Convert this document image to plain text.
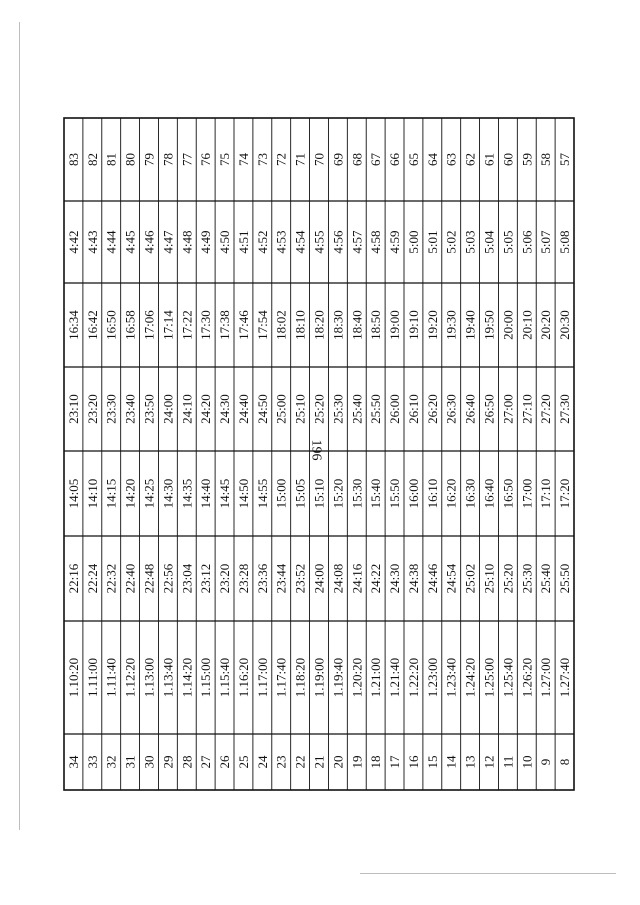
34
1.10:20
22:16
14:05
23:10
16:34
4:42
83
33
1.11:00
22:24
14:10
23:20
16:42
4:43
82
32
1.11:40
22:32
14:15
23:30
16:50
4:44
81
31
1.12:20
22:40
14:20
23:40
16:58
4:45
80
30
1.13:00
22:48
14:25
23:50
17:06
4:46
79
29
1.13:40
22:56
14:30
24:00
17:14
4:47
78
28
1.14:20
23:04
14:35
24:10
17:22
4:48
77
27
1.15:00
23:12
14:40
24:20
17:30
4:49
76
26
1.15:40
23:20
14:45
24:30
17:38
4:50
75
25
1.16:20
23:28
14:50
24:40
17:46
4:51
74
24
1.17:00
23:36
14:55
24:50
17:54
4:52
73
23
1.17:40
23:44
15:00
25:00
18:02
4:53
72
22
1.18:20
23:52
15:05
25:10
18:10
4:54
71
21
1.19:00
24:00
15:10
25:20
18:20
4:55
70
20
1.19:40
24:08
15:20
25:30
18:30
4:56
69
19
1.20:20
24:16
15:30
25:40
18:40
4:57
68
18
1.21:00
24:22
15:40
25:50
18:50
4:58
67
17
1.21:40
24:30
15:50
26:00
19:00
4:59
66
16
1.22:20
24:38
16:00
26:10
19:10
5:00
65
15
1.23:00
24:46
16:10
26:20
19:20
5:01
64
14
1.23:40
24:54
16:20
26:30
19:30
5:02
63
13
1.24:20
25:02
16:30
26:40
19:40
5:03
62
12
1.25:00
25:10
16:40
26:50
19:50
5:04
61
11
1.25:40
25:20
16:50
27:00
20:00
5:05
60
10
1.26:20
25:30
17:00
27:10
20:10
5:06
59
9
1.27:00
25:40
17:10
27:20
20:20
5:07
58
8
1.27:40
25:50
17:20
27:30
20:30
5:08
57
196
